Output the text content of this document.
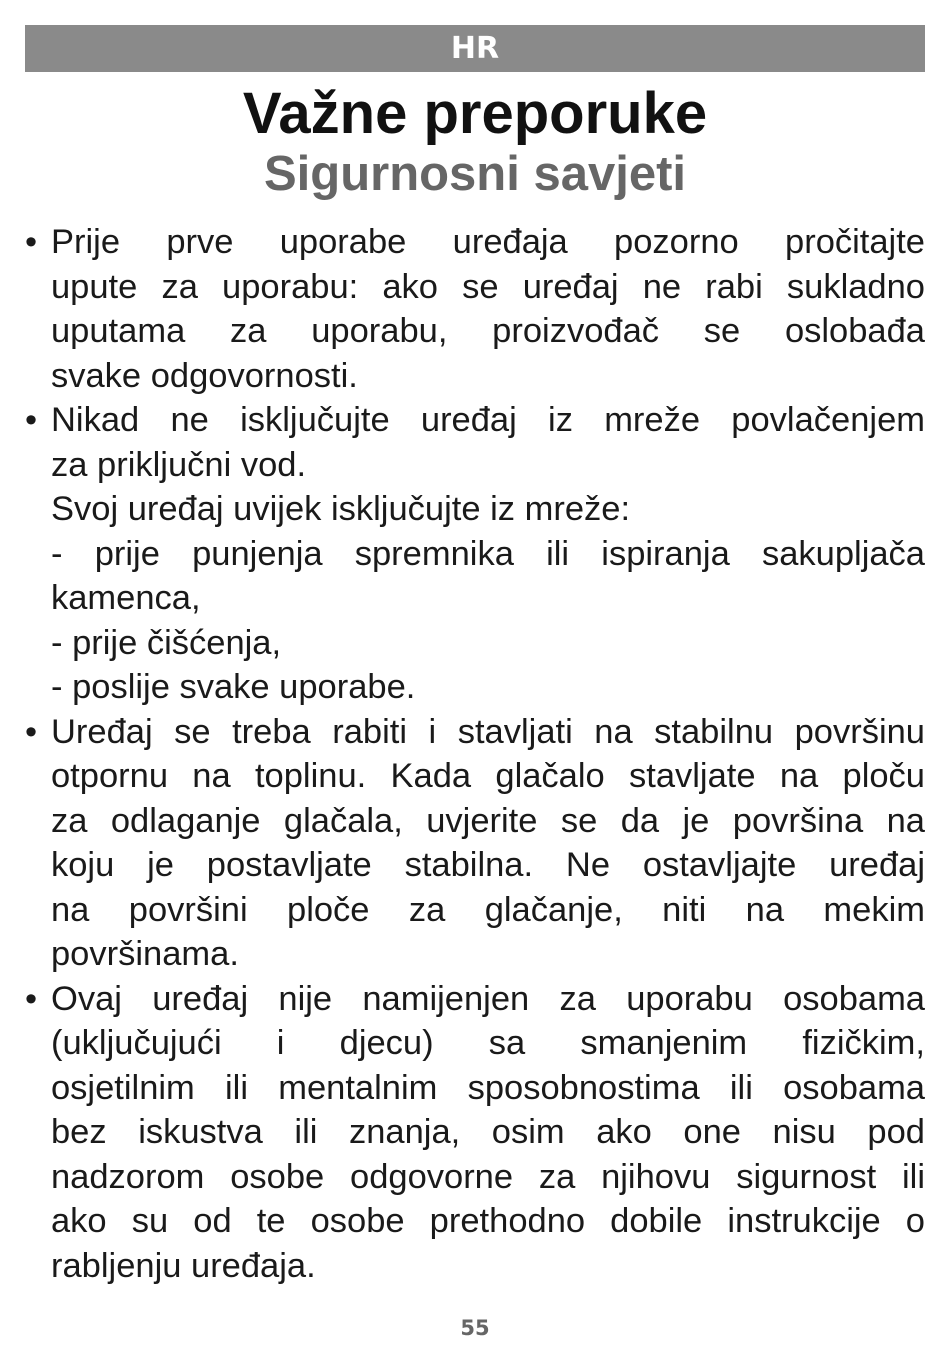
HR
Važne preporuke
Sigurnosni savjeti
• Prije prve uporabe uređaja pozorno pročitajte
upute za uporabu: ako se uređaj ne rabi sukladno
uputama za uporabu, proizvođač se oslobađa
svake odgovornosti.
• Nikad ne isključujte uređaj iz mreže povlačenjem
za priključni vod.
Svoj uređaj uvijek isključujte iz mreže:
- prije punjenja spremnika ili ispiranja sakupljača
kamenca,
- prije čišćenja,
- poslije svake uporabe.
• Uređaj se treba rabiti i stavljati na stabilnu površinu
otpornu na toplinu. Kada glačalo stavljate na ploču
za odlaganje glačala, uvjerite se da je površina na
koju je postavljate stabilna. Ne ostavljajte uređaj
na površini ploče za glačanje, niti na mekim
površinama.
• Ovaj uređaj nije namijenjen za uporabu osobama
(uključujući i djecu) sa smanjenim fizičkim,
osjetilnim ili mentalnim sposobnostima ili osobama
bez iskustva ili znanja, osim ako one nisu pod
nadzorom osobe odgovorne za njihovu sigurnost ili
ako su od te osobe prethodno dobile instrukcije o
rabljenju uređaja.
55
